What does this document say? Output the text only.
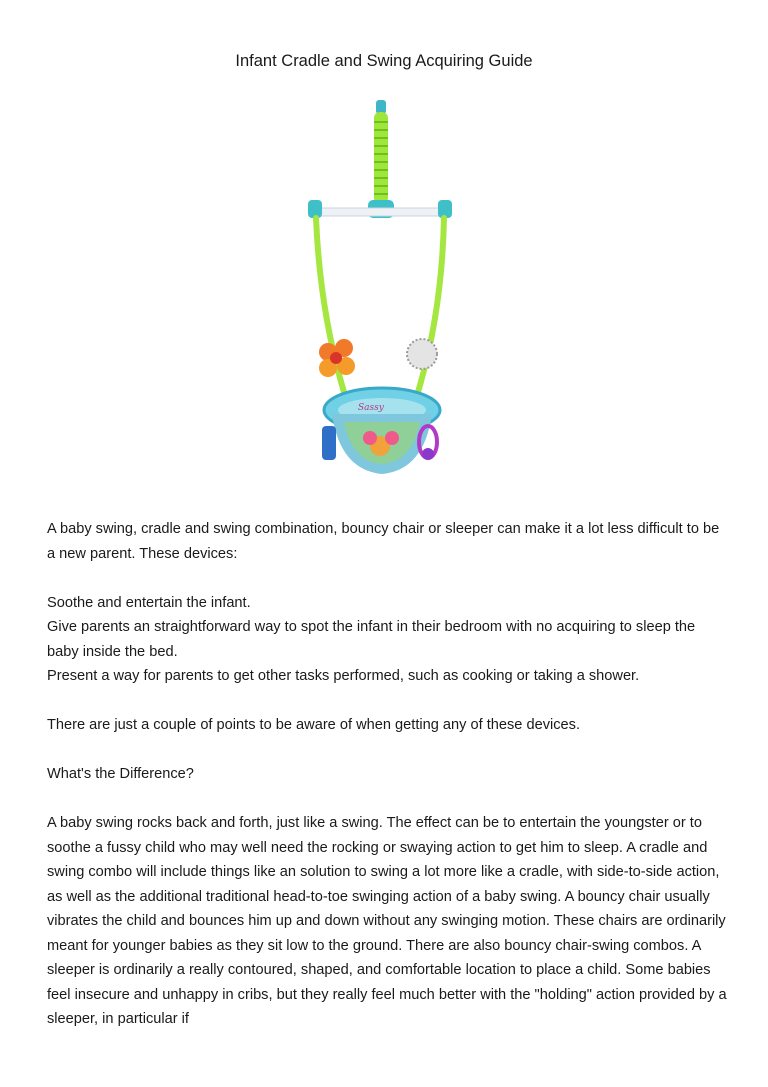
Infant Cradle and Swing Acquiring Guide
Sassy

A baby swing, cradle and swing combination, bouncy chair or sleeper can make it a lot less difficult to be a new parent. These devices:

Soothe and entertain the infant.
Give parents an straightforward way to spot the infant in their bedroom with no acquiring to sleep the baby inside the bed.
Present a way for parents to get other tasks performed, such as cooking or taking a shower.

There are just a couple of points to be aware of when getting any of these devices.

What's the Difference?

A baby swing rocks back and forth, just like a swing. The effect can be to entertain the youngster or to soothe a fussy child who may well need the rocking or swaying action to get him to sleep. A cradle and swing combo will include things like an solution to swing a lot more like a cradle, with side-to-side action, as well as the additional traditional head-to-toe swinging action of a baby swing. A bouncy chair usually vibrates the child and bounces him up and down without any swinging motion. These chairs are ordinarily meant for younger babies as they sit low to the ground. There are also bouncy chair-swing combos. A sleeper is ordinarily a really contoured, shaped, and comfortable location to place a child. Some babies feel insecure and unhappy in cribs, but they really feel much better with the "holding" action provided by a sleeper, in particular if
